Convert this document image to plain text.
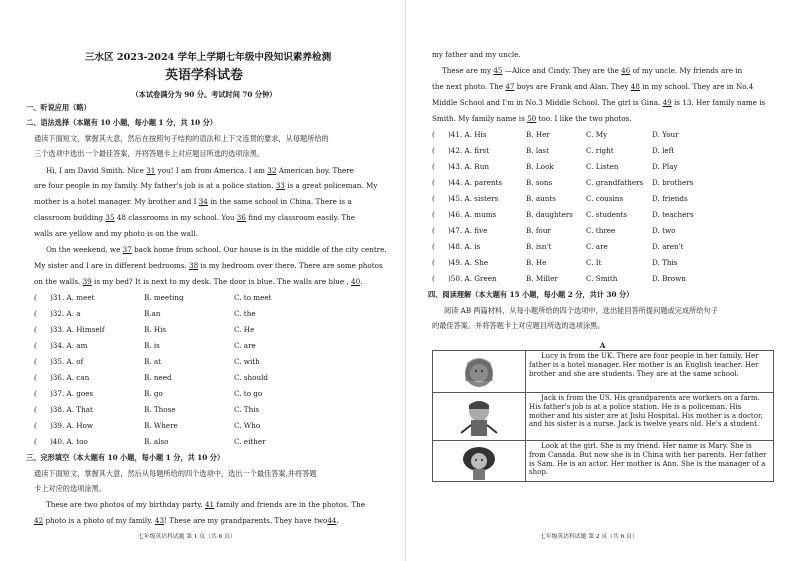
三水区 2023-2024 学年上学期七年级中段知识素养检测
英语学科试卷
（本试卷满分为 90 分。考试时间 70 分钟）
一、听说应用（略）
二、语法选择（本题有 10 小题，每小题 1 分，共 10 分）
通读下面短文，掌握其大意，然后在按照句子结构的语法和上下文连贯的要求，从每题所给的
三个选项中选出一个最佳答案，并将答题卡上对应题目所选的选项涂黑。
Hi, I am David Smith. Nice 31 you! I am from America. I am 32 American boy. There
are four people in my family. My father's job is at a police station. 33 is a great policeman. My
mother is a hotel manager. My brother and I 34 in the same school in China. There is a
classroom building 35 48 classrooms in my school. You 36 find my classroom easily. The
walls are yellow and my photo is on the wall.
On the weekend, we 37 back home from school. Our house is in the middle of the city centre.
My sister and I are in different bedrooms. 38 is my bedroom over there. There are some photos
on the walls. 39 is my bed? It is next to my desk. The door is blue. The walls are blue , 40.
( )31. A. meet	B. meeting	C. to meet
( )32. A. a	B.an	C. the
( )33. A. Himself	B. His	C. He
( )34. A. am	B. is	C. are
( )35. A. of	B. at	C. with
( )36. A. can	B. need	C. should
( )37. A. goes	B. go	C. to go
( )38. A. That	B. Those	C. This
( )39. A. How	B. Where	C. Who
( )40. A. too	B. also	C. either
三、完形填空（本大题有 10 小题，每小题 1 分，共 10 分）
通读下面短文，掌握其大意，然后从每题所给的四个选项中，选出一个最佳答案,并将答题
卡上对应的选项涂黑。
These are two photos of my birthday party. 41 family and friends are in the photos. The
42 photo is a photo of my family. 43! These are my grandparents. They have two44.
七年级英语科试题 第 1 页（共 6 页）
my father and my uncle.
These are my 45 —Alice and Cindy. They are the 46 of my uncle. My friends are in
the next photo. The 47 boys are Frank and Alan. They 48 in my school. They are in No.4
Middle School and I'm in No.3 Middle School. The girl is Gina. 49 is 13. Her family name is
Smith. My family name is 50 too. I like the two photos.
( )41. A. His	B. Her	C. My	D. Your
( )42. A. first	B. last	C. right	D. left
( )43. A. Run	B. Look	C. Listen	D. Play
( )44. A. parents	B. sons	C. grandfathers D. brothers
( )45. A. sisters	B. aunts	C. cousins	D. friends
( )46. A. mums	B. daughters C. students	D. teachers
( )47. A. five	B. four	C. three	D. two
( )48. A. is	B. isn't	C. are	D. aren't
( )49. A. She	B. He	C. It	D. This
( )50. A. Green	B. Miller	C. Smith	D. Brown
四、阅读理解（本大题有 15 小题，每小题 2 分，共计 30 分）
阅读 AB 两篇材料，从每小题所给的四个选项中，选出能回答所提问题或完成所给句子
的最佳答案。并将答题卡上对应题目所选的选项涂黑。
A
Lucy is from the UK. There are four people in her family. Her father is a hotel manager. Her mother is an English teacher. Her brother and she are students. They are at the same school.
Jack is from the US. His grandparents are workers on a farm. His father's job is at a police station. He is a policeman. His mother and his sister are at Jishi Hospital. His mother is a doctor, and his sister is a nurse. Jack is twelve years old. He's a student.
Look at the girl. She is my friend. Her name is Mary. She is from Canada. But now she is in China with her parents. Her father is Sam. He is an actor. Her mother is Ann. She is the manager of a shop.
七年级英语科试题 第 2 页（共 6 页）
